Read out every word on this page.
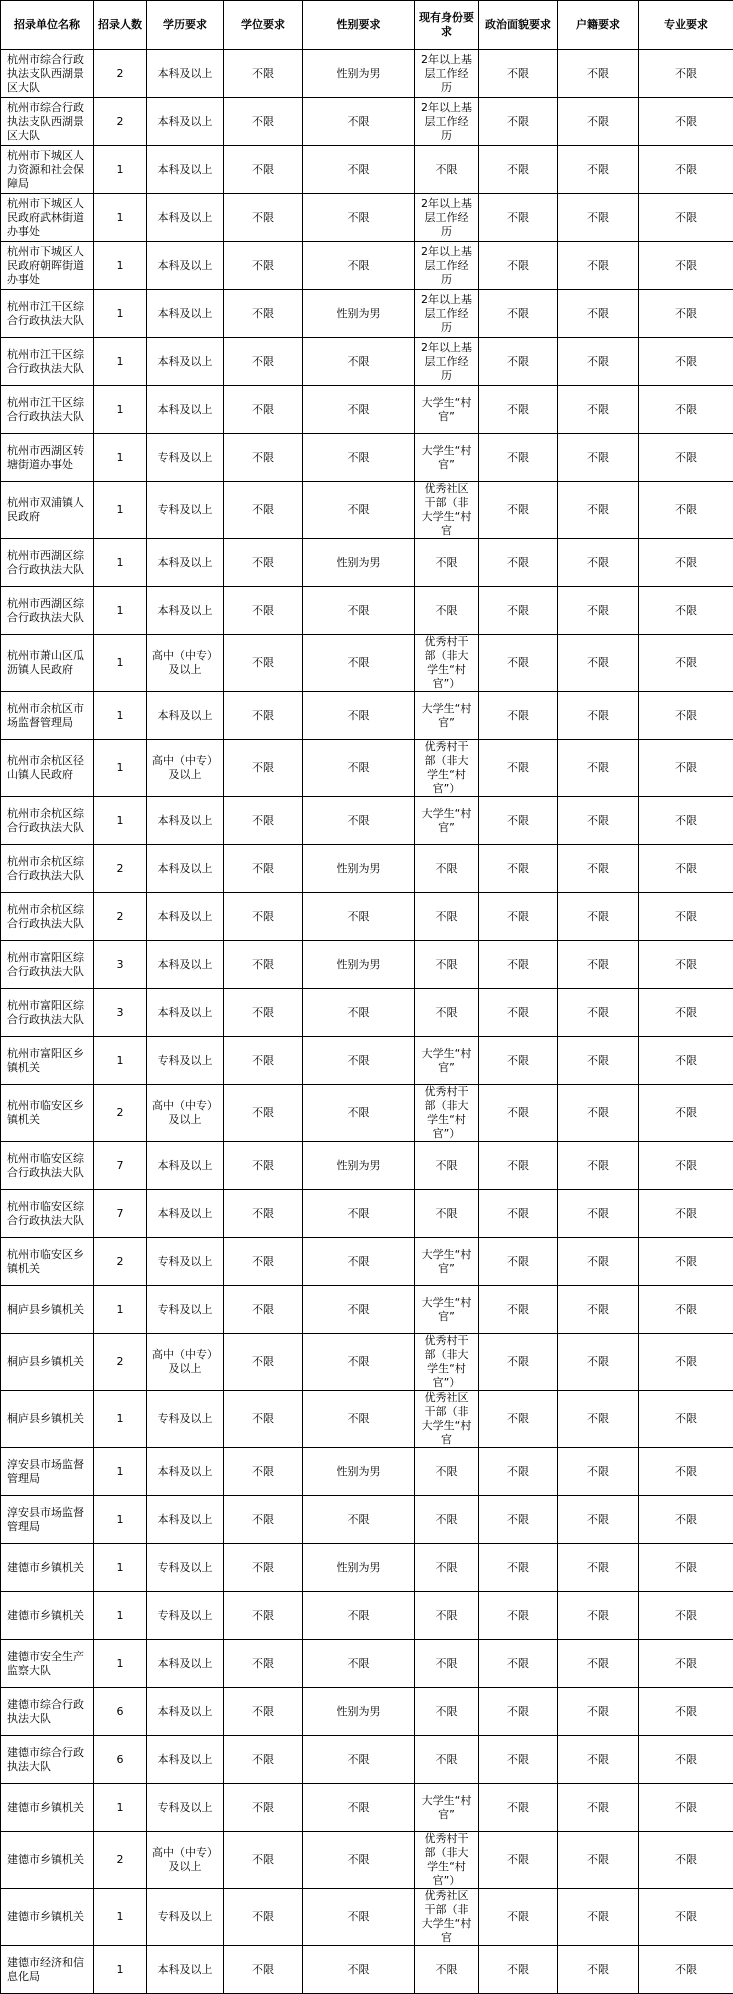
招录单位名称	招录人数	学历要求	学位要求	性别要求	现有身份要求	政治面貌要求	户籍要求	专业要求
杭州市综合行政执法支队西湖景区大队	2	本科及以上	不限	性别为男	2年以上基层工作经历	不限	不限	不限
杭州市综合行政执法支队西湖景区大队	2	本科及以上	不限	不限	2年以上基层工作经历	不限	不限	不限
杭州市下城区人力资源和社会保障局	1	本科及以上	不限	不限	不限	不限	不限	不限
杭州市下城区人民政府武林街道办事处	1	本科及以上	不限	不限	2年以上基层工作经历	不限	不限	不限
杭州市下城区人民政府朝晖街道办事处	1	本科及以上	不限	不限	2年以上基层工作经历	不限	不限	不限
杭州市江干区综合行政执法大队	1	本科及以上	不限	性别为男	2年以上基层工作经历	不限	不限	不限
杭州市江干区综合行政执法大队	1	本科及以上	不限	不限	2年以上基层工作经历	不限	不限	不限
杭州市江干区综合行政执法大队	1	本科及以上	不限	不限	大学生“村官”	不限	不限	不限
杭州市西湖区转塘街道办事处	1	专科及以上	不限	不限	大学生“村官”	不限	不限	不限
杭州市双浦镇人民政府	1	专科及以上	不限	不限	优秀社区干部（非大学生“村官	不限	不限	不限
杭州市西湖区综合行政执法大队	1	本科及以上	不限	性别为男	不限	不限	不限	不限
杭州市西湖区综合行政执法大队	1	本科及以上	不限	不限	不限	不限	不限	不限
杭州市萧山区瓜沥镇人民政府	1	高中（中专）及以上	不限	不限	优秀村干部（非大学生“村官”）	不限	不限	不限
杭州市余杭区市场监督管理局	1	本科及以上	不限	不限	大学生“村官”	不限	不限	不限
杭州市余杭区径山镇人民政府	1	高中（中专）及以上	不限	不限	优秀村干部（非大学生“村官”）	不限	不限	不限
杭州市余杭区综合行政执法大队	1	本科及以上	不限	不限	大学生“村官”	不限	不限	不限
杭州市余杭区综合行政执法大队	2	本科及以上	不限	性别为男	不限	不限	不限	不限
杭州市余杭区综合行政执法大队	2	本科及以上	不限	不限	不限	不限	不限	不限
杭州市富阳区综合行政执法大队	3	本科及以上	不限	性别为男	不限	不限	不限	不限
杭州市富阳区综合行政执法大队	3	本科及以上	不限	不限	不限	不限	不限	不限
杭州市富阳区乡镇机关	1	专科及以上	不限	不限	大学生“村官”	不限	不限	不限
杭州市临安区乡镇机关	2	高中（中专）及以上	不限	不限	优秀村干部（非大学生“村官”）	不限	不限	不限
杭州市临安区综合行政执法大队	7	本科及以上	不限	性别为男	不限	不限	不限	不限
杭州市临安区综合行政执法大队	7	本科及以上	不限	不限	不限	不限	不限	不限
杭州市临安区乡镇机关	2	专科及以上	不限	不限	大学生“村官”	不限	不限	不限
桐庐县乡镇机关	1	专科及以上	不限	不限	大学生“村官”	不限	不限	不限
桐庐县乡镇机关	2	高中（中专）及以上	不限	不限	优秀村干部（非大学生“村官”）	不限	不限	不限
桐庐县乡镇机关	1	专科及以上	不限	不限	优秀社区干部（非大学生“村官	不限	不限	不限
淳安县市场监督管理局	1	本科及以上	不限	性别为男	不限	不限	不限	不限
淳安县市场监督管理局	1	本科及以上	不限	不限	不限	不限	不限	不限
建德市乡镇机关	1	专科及以上	不限	性别为男	不限	不限	不限	不限
建德市乡镇机关	1	专科及以上	不限	不限	不限	不限	不限	不限
建德市安全生产监察大队	1	本科及以上	不限	不限	不限	不限	不限	不限
建德市综合行政执法大队	6	本科及以上	不限	性别为男	不限	不限	不限	不限
建德市综合行政执法大队	6	本科及以上	不限	不限	不限	不限	不限	不限
建德市乡镇机关	1	专科及以上	不限	不限	大学生“村官”	不限	不限	不限
建德市乡镇机关	2	高中（中专）及以上	不限	不限	优秀村干部（非大学生“村官”）	不限	不限	不限
建德市乡镇机关	1	专科及以上	不限	不限	优秀社区干部（非大学生“村官	不限	不限	不限
建德市经济和信息化局	1	本科及以上	不限	不限	不限	不限	不限	不限
